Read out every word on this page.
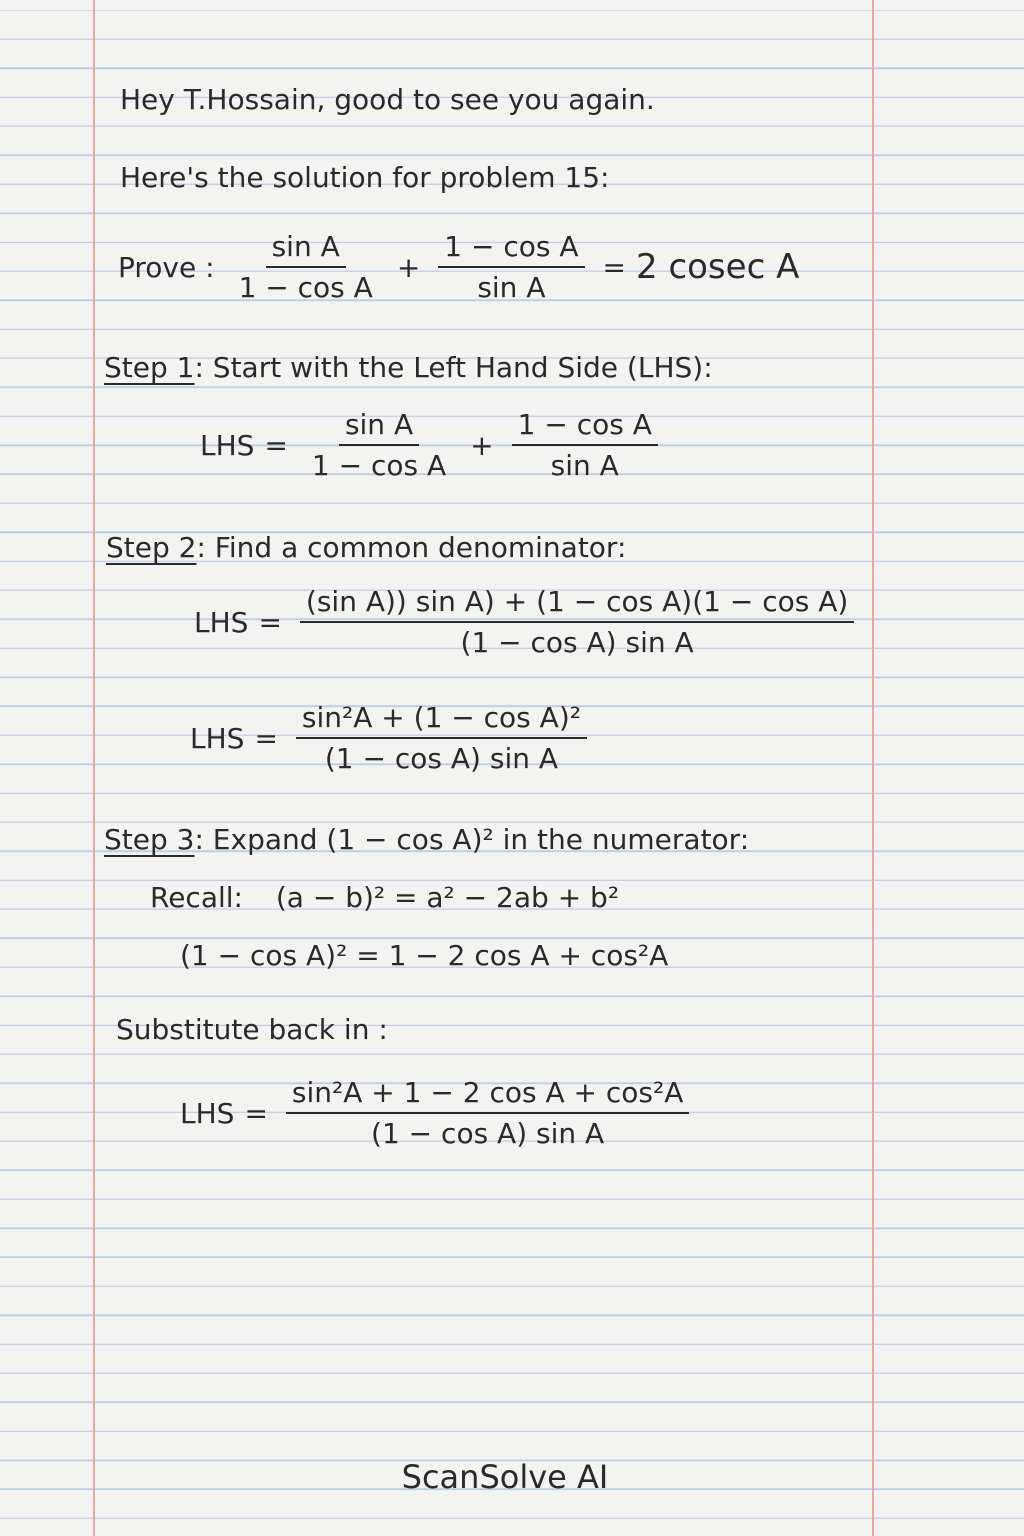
Hey T.Hossain, good to see you again.
Here's the solution for problem 15:
Prove : $\frac{\text{sin A}}{\text{1 − cos A}} + \frac{\text{1 − cos A}}{\text{sin A}} = 2$ cosec A
Step 1: Start with the Left Hand Side (LHS):
LHS = $\frac{\text{sin A}}{\text{1 − cos A}} + \frac{\text{1 − cos A}}{\text{sin A}}$
Step 2: Find a common denominator:
LHS = $\frac{\text{(sin A)) sin A) + (1 − cos A)(1 − cos A)}}{\text{(1 − cos A) sin A}}$
LHS = $\frac{\text{sin²A + (1 − cos A)²}}{\text{(1 − cos A) sin A}}$
Step 3: Expand (1 − cos A)² in the numerator:
Recall: (a − b)² = a² − 2ab + b²
(1 − cos A)² = 1 − 2 cos A + cos²A
Substitute back in :
LHS = $\frac{\text{sin²A + 1 − 2 cos A + cos²A}}{\text{(1 − cos A) sin A}}$
ScanSolve AI
